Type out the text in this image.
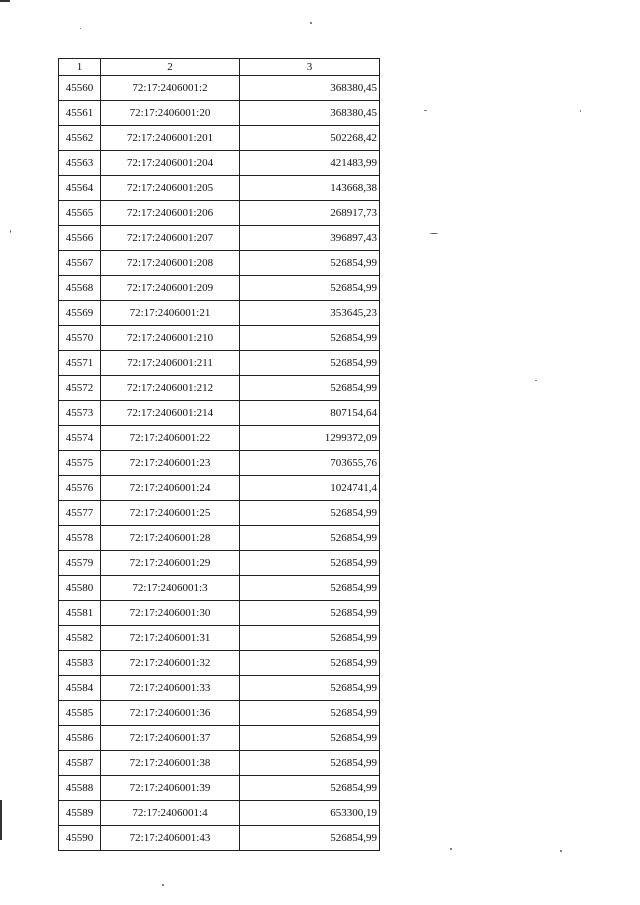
1	2	3
45560	72:17:2406001:2	368380,45
45561	72:17:2406001:20	368380,45
45562	72:17:2406001:201	502268,42
45563	72:17:2406001:204	421483,99
45564	72:17:2406001:205	143668,38
45565	72:17:2406001:206	268917,73
45566	72:17:2406001:207	396897,43
45567	72:17:2406001:208	526854,99
45568	72:17:2406001:209	526854,99
45569	72:17:2406001:21	353645,23
45570	72:17:2406001:210	526854,99
45571	72:17:2406001:211	526854,99
45572	72:17:2406001:212	526854,99
45573	72:17:2406001:214	807154,64
45574	72:17:2406001:22	1299372,09
45575	72:17:2406001:23	703655,76
45576	72:17:2406001:24	1024741,4
45577	72:17:2406001:25	526854,99
45578	72:17:2406001:28	526854,99
45579	72:17:2406001:29	526854,99
45580	72:17:2406001:3	526854,99
45581	72:17:2406001:30	526854,99
45582	72:17:2406001:31	526854,99
45583	72:17:2406001:32	526854,99
45584	72:17:2406001:33	526854,99
45585	72:17:2406001:36	526854,99
45586	72:17:2406001:37	526854,99
45587	72:17:2406001:38	526854,99
45588	72:17:2406001:39	526854,99
45589	72:17:2406001:4	653300,19
45590	72:17:2406001:43	526854,99
